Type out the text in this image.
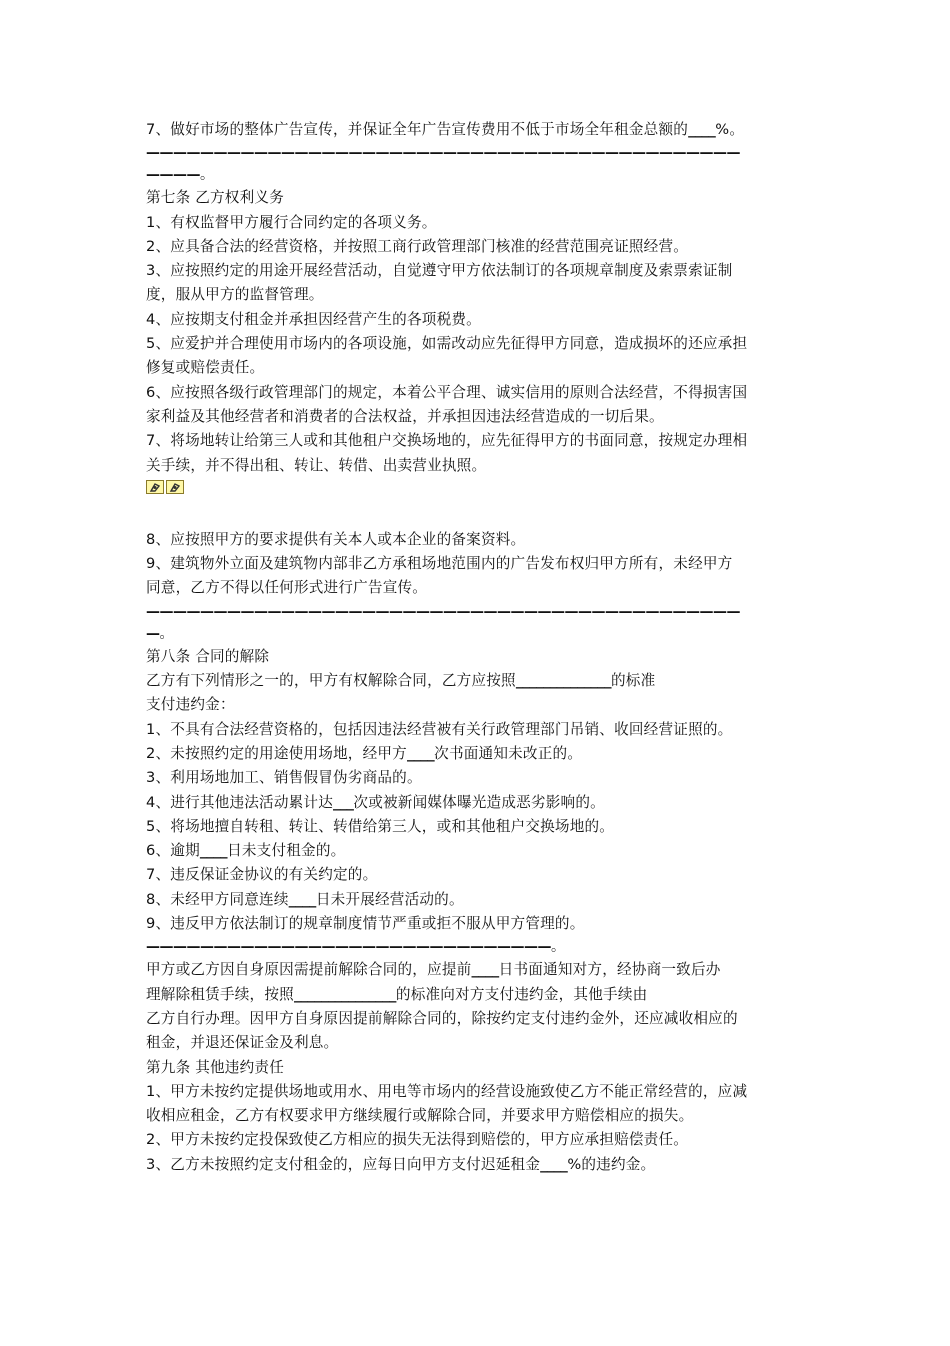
7、做好市场的整体广告宣传，并保证全年广告宣传费用不低于市场全年租金总额的____%。
————————————————————————————————————————————
————。
第七条 乙方权利义务
1、有权监督甲方履行合同约定的各项义务。
2、应具备合法的经营资格，并按照工商行政管理部门核准的经营范围亮证照经营。
3、应按照约定的用途开展经营活动，自觉遵守甲方依法制订的各项规章制度及索票索证制
度，服从甲方的监督管理。
4、应按期支付租金并承担因经营产生的各项税费。
5、应爱护并合理使用市场内的各项设施，如需改动应先征得甲方同意，造成损坏的还应承担
修复或赔偿责任。
6、应按照各级行政管理部门的规定，本着公平合理、诚实信用的原则合法经营，不得损害国
家利益及其他经营者和消费者的合法权益，并承担因违法经营造成的一切后果。
7、将场地转让给第三人或和其他租户交换场地的，应先征得甲方的书面同意，按规定办理相
关手续，并不得出租、转让、转借、出卖营业执照。
8、应按照甲方的要求提供有关本人或本企业的备案资料。
9、建筑物外立面及建筑物内部非乙方承租场地范围内的广告发布权归甲方所有，未经甲方
同意，乙方不得以任何形式进行广告宣传。
————————————————————————————————————————————
—。
第八条 合同的解除
乙方有下列情形之一的，甲方有权解除合同，乙方应按照______________的标准
支付违约金：
1、不具有合法经营资格的，包括因违法经营被有关行政管理部门吊销、收回经营证照的。
2、未按照约定的用途使用场地，经甲方____次书面通知未改正的。
3、利用场地加工、销售假冒伪劣商品的。
4、进行其他违法活动累计达___次或被新闻媒体曝光造成恶劣影响的。
5、将场地擅自转租、转让、转借给第三人，或和其他租户交换场地的。
6、逾期____日未支付租金的。
7、违反保证金协议的有关约定的。
8、未经甲方同意连续____日未开展经营活动的。
9、违反甲方依法制订的规章制度情节严重或拒不服从甲方管理的。
——————————————————————————————。
甲方或乙方因自身原因需提前解除合同的，应提前____日书面通知对方，经协商一致后办
理解除租赁手续，按照_______________的标准向对方支付违约金，其他手续由
乙方自行办理。因甲方自身原因提前解除合同的，除按约定支付违约金外，还应减收相应的
租金，并退还保证金及利息。
第九条 其他违约责任
1、甲方未按约定提供场地或用水、用电等市场内的经营设施致使乙方不能正常经营的，应减
收相应租金，乙方有权要求甲方继续履行或解除合同，并要求甲方赔偿相应的损失。
2、甲方未按约定投保致使乙方相应的损失无法得到赔偿的，甲方应承担赔偿责任。
3、乙方未按照约定支付租金的，应每日向甲方支付迟延租金____%的违约金。
